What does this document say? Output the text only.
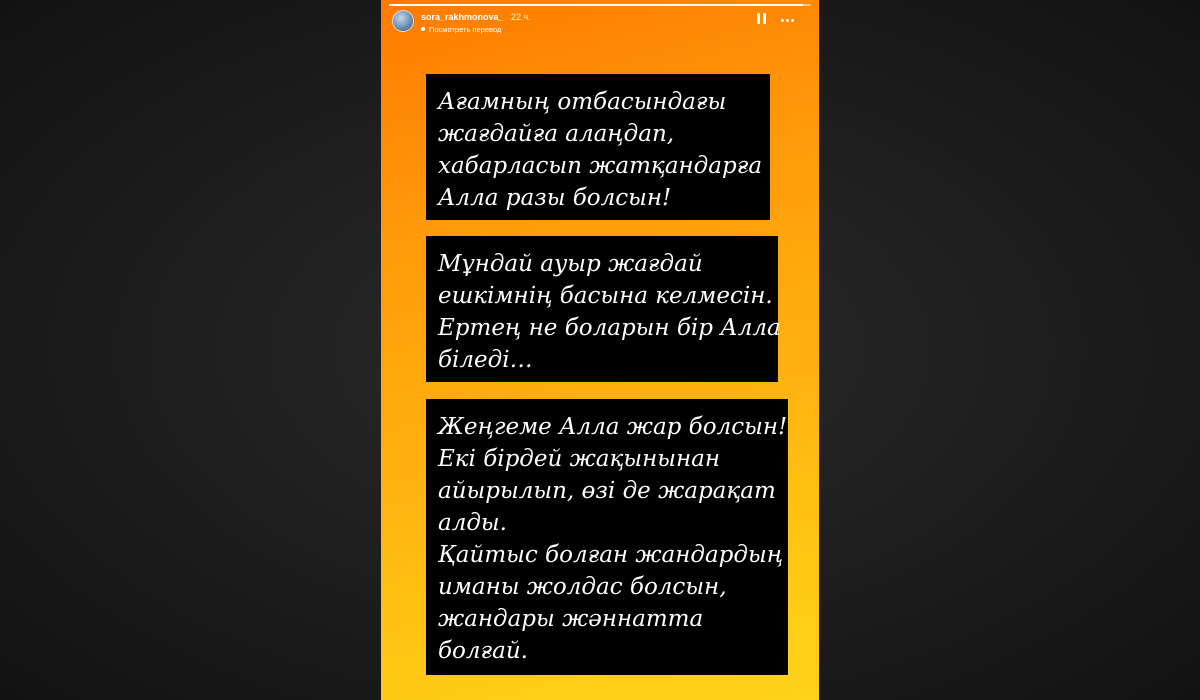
sora_rakhmonova_ 22 ч.
Посмотреть перевод
Ағамның отбасындағы
жағдайға алаңдап,
хабарласып жатқандарға
Алла разы болсын!
Мұндай ауыр жағдай
ешкімнің басына келмесін.
Ертең не боларын бір Алла
біледі…
Жеңгеме Алла жар болсын!
Екі бірдей жақынынан
айырылып, өзі де жарақат
алды.
Қайтыс болған жандардың
иманы жолдас болсын,
жандары жәннатта
болғай.
